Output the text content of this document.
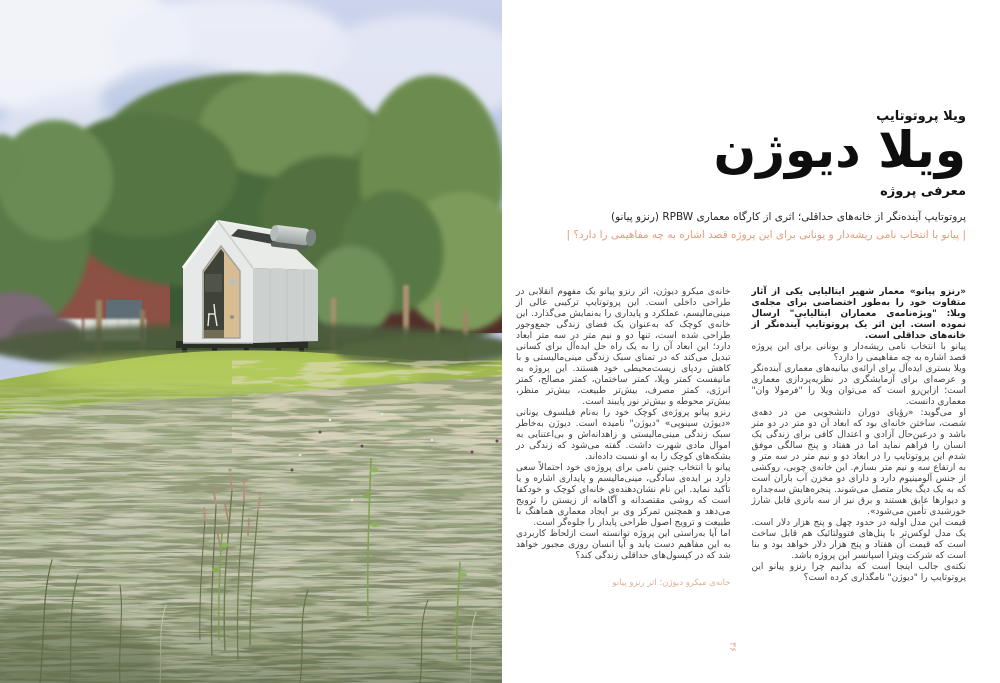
ویلا پروتوتایپ
ویلا دیوژن
معرفی پروژه
پروتوتایپ آینده‌نگر از خانه‌های حداقلی؛ اثری از کارگاه معماری RPBW (رنزو پیانو)
| پیانو با انتخاب نامی ریشه‌دار و یونانی برای این پروژه قصد اشاره به چه مفاهیمی را دارد؟ |

«رنزو پیانو» معمار شهیر ایتالیایی یکی از آثار متفاوت خود را به‌طور اختصاصی برای مجله‌ی ویلا: "ویژه‌نامه‌ی معماران ایتالیایی" ارسال نموده است. این اثر یک پروتوتایپ آینده‌نگر از خانه‌های حداقلی است.

پیانو با انتخاب نامی ریشه‌دار و یونانی برای این پروژه قصد اشاره به چه مفاهیمی را دارد؟

ویلا بستری ایده‌آل برای ارائه‌ی بیانیه‌های معماری آینده‌نگر و عرصه‌ای برای آزمایشگری در نظریه‌پردازی معماری است؛ ازاین‌رو است که می‌توان ویلا را "فرمولا وان" معماری دانست.

او می‌گوید: «رؤیای دوران دانشجویی من در دهه‌ی شصت، ساختن خانه‌ای بود که ابعاد آن دو متر در دو متر باشد و درعین‌حال آزادی و اعتدال کافی برای زندگی یک انسان را فراهم نماید اما در هفتاد و پنج سالگی موفق شدم این پروتوتایپ را در ابعاد دو و نیم متر در سه متر و به ارتفاع سه و نیم متر بسازم. این خانه‌ی چوبی، روکشی از جنس آلومینیوم دارد و دارای دو مخزن آب باران است که به یک دیگ بخار متصل می‌شوند. پنجره‌هایش سه‌جداره و دیوارها عایق هستند و برق نیز از سه باتری قابل شارژ خورشیدی تأمین می‌شود».

قیمت این مدل اولیه در حدود چهل و پنج هزار دلار است. یک مدل لوکس‌تر با پنل‌های فتوولتائیک هم قابل ساخت است که قیمت آن هفتاد و پنج هزار دلار خواهد بود و بنا است که شرکت ویترا اسپانسر این پروژه باشد.

نکته‌ی جالب اینجا است که بدانیم چرا رنزو پیانو این پروتوتایپ را "دیوژن" نامگذاری کرده است؟

خانه‌ی میکرو دیوژن، اثر رنزو پیانو یک مفهوم انقلابی در طراحی داخلی است. این پروتوتایپ ترکیبی عالی از مینی‌مالیسم، عملکرد و پایداری را به‌نمایش می‌گذارد. این خانه‌ی کوچک که به‌عنوان یک فضای زندگی جمع‌وجور طراحی شده است، تنها دو و نیم متر در سه متر ابعاد دارد؛ این ابعاد آن را به یک راه حل ایده‌آل برای کسانی تبدیل می‌کند که در تمنای سبک زندگی مینی‌مالیستی و با کاهش ردپای زیست‌محیطی خود هستند. این پروژه به مانیفست کمتر ویلا، کمتر ساختمان، کمتر مصالح، کمتر انرژی، کمتر مصرف، بیش‌تر طبیعت، بیش‌تر منظر، بیش‌تر محوطه و بیش‌تر نور پایبند است.

رنزو پیانو پروژه‌ی کوچک خود را به‌نام فیلسوف یونانی «دیوژن سینوپی» "دیوژن" نامیده است. دیوژن به‌خاطر سبک زندگی مینی‌مالیستی و زاهدانه‌اش و بی‌اعتنایی به اموال مادی شهرت داشت. گفته می‌شود که زندگی در بشکه‌های کوچک را به او نسبت داده‌اند.

پیانو با انتخاب چنین نامی برای پروژه‌ی خود احتمالاً سعی دارد بر ایده‌ی سادگی، مینی‌مالیسم و پایداری اشاره و یا تأکید نماید. این نام نشان‌دهنده‌ی خانه‌ای کوچک و خودکفا است که روشی مقتصدانه و آگاهانه از زیستن را ترویج می‌دهد و همچنین تمرکز وی بر ایجاد معماری هماهنگ با طبیعت و ترویج اصول طراحی پایدار را جلوه‌گر است.

اما آیا به‌راستی این پروژه توانسته است ازلحاظ کاربردی به این مفاهیم دست یابد و آیا انسان روزی مجبور خواهد شد که در کپسول‌های حداقلی زندگی کند؟

خانه‌ی میکرو دیوژن؛ اثر رنزو پیانو
۳۶
